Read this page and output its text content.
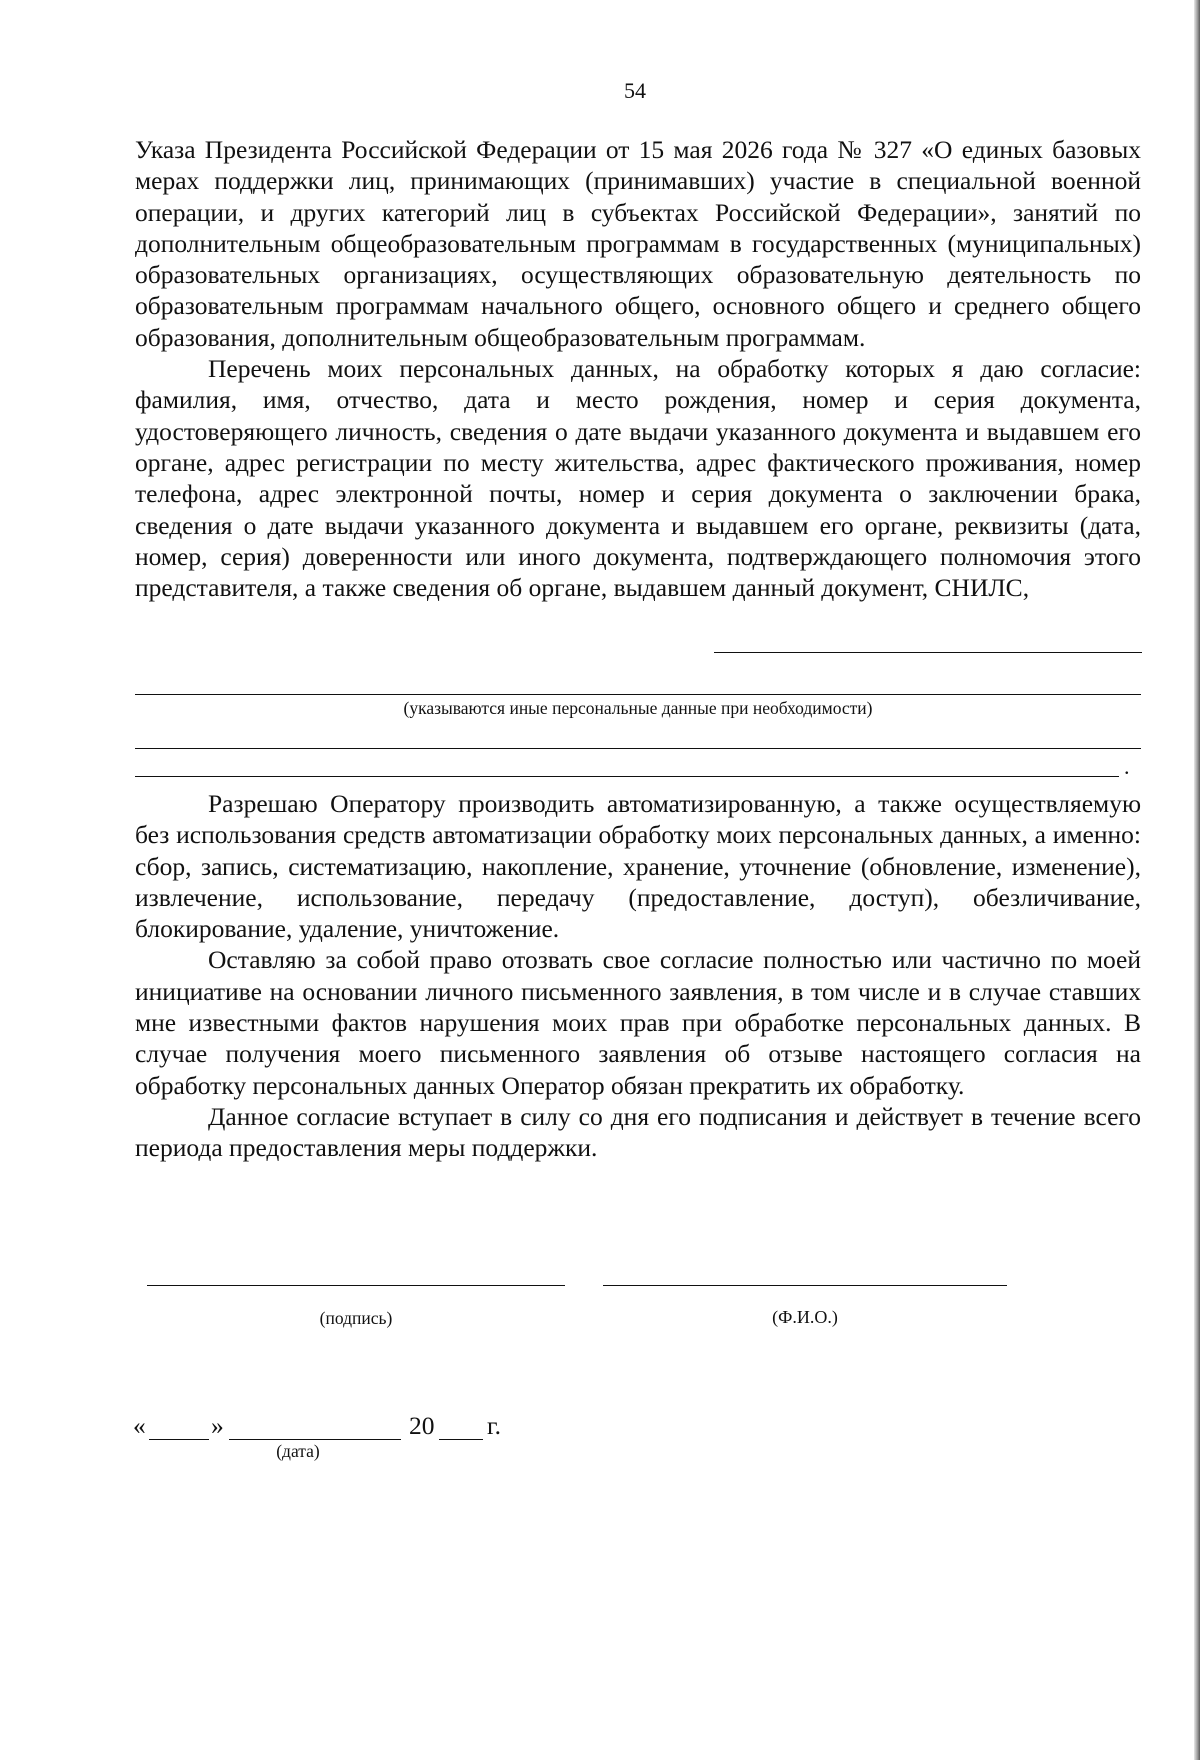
54

Указа Президента Российской Федерации от 15 мая 2026 года № 327 «О единых базовых мерах поддержки лиц, принимающих (принимавших) участие в специальной военной операции, и других категорий лиц в субъектах Российской Федерации», занятий по дополнительным общеобразовательным программам в государственных (муниципальных) образовательных организациях, осуществляющих образовательную деятельность по образовательным программам начального общего, основного общего и среднего общего образования, дополнительным общеобразовательным программам.

Перечень моих персональных данных, на обработку которых я даю согласие: фамилия, имя, отчество, дата и место рождения, номер и серия документа, удостоверяющего личность, сведения о дате выдачи указанного документа и выдавшем его органе, адрес регистрации по месту жительства, адрес фактического проживания, номер телефона, адрес электронной почты, номер и серия документа о заключении брака, сведения о дате выдачи указанного документа и выдавшем его органе, реквизиты (дата, номер, серия) доверенности или иного документа, подтверждающего полномочия этого представителя, а также сведения об органе, выдавшем данный документ, СНИЛС,

(указываются иные персональные данные при необходимости)
.

Разрешаю Оператору производить автоматизированную, а также осуществляемую без использования средств автоматизации обработку моих персональных данных, а именно: сбор, запись, систематизацию, накопление, хранение, уточнение (обновление, изменение), извлечение, использование, передачу (предоставление, доступ), обезличивание, блокирование, удаление, уничтожение.

Оставляю за собой право отозвать свое согласие полностью или частично по моей инициативе на основании личного письменного заявления, в том числе и в случае ставших мне известными фактов нарушения моих прав при обработке персональных данных. В случае получения моего письменного заявления об отзыве настоящего согласия на обработку персональных данных Оператор обязан прекратить их обработку.

Данное согласие вступает в силу со дня его подписания и действует в течение всего периода предоставления меры поддержки.

(подпись)	(Ф.И.О.)
«	»	20 г.
(дата)
